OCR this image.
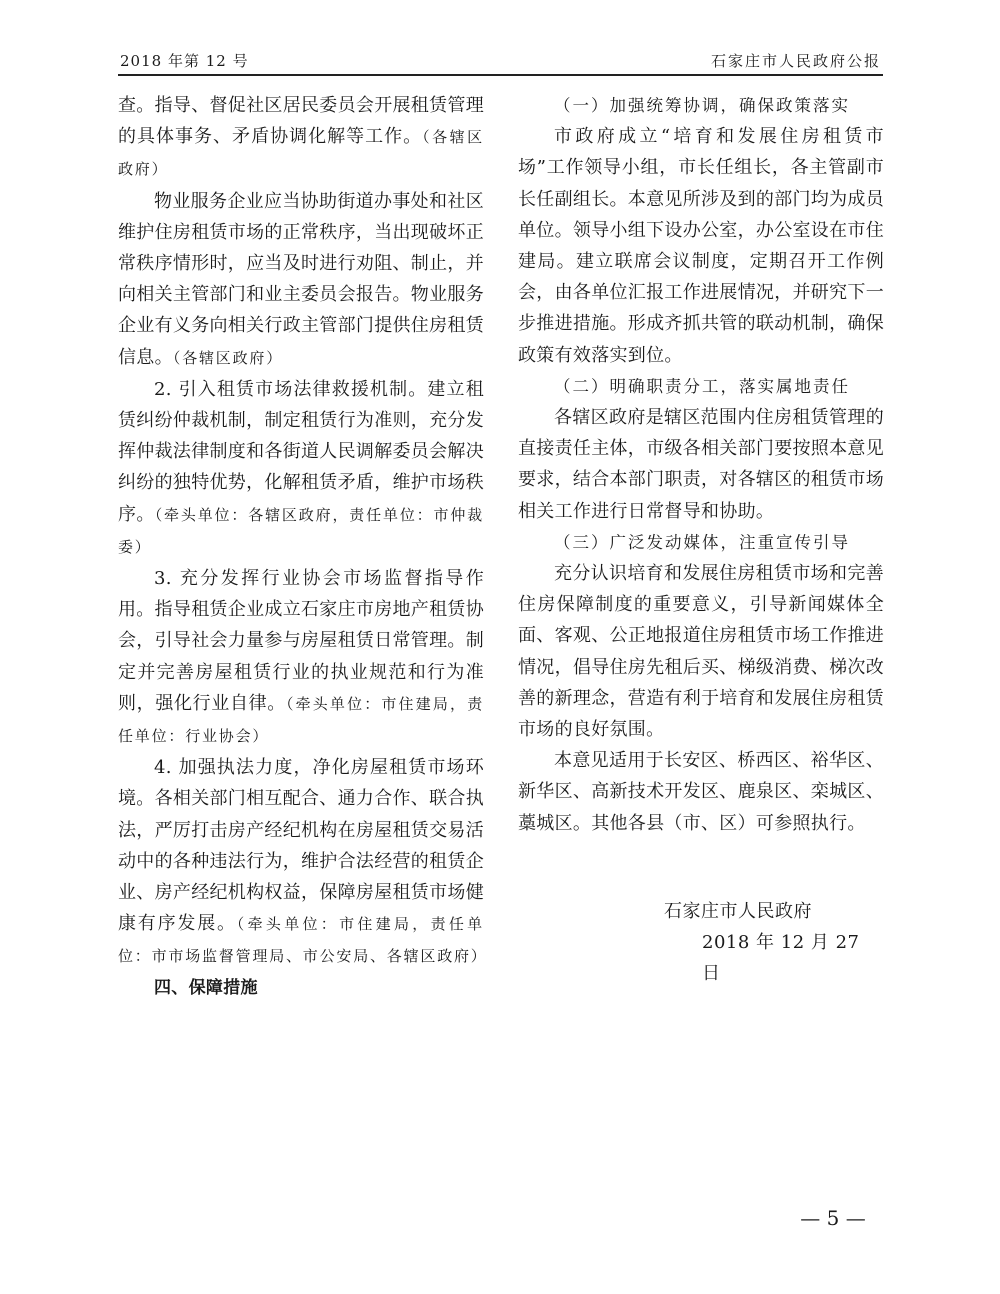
2018 年第 12 号	石家庄市人民政府公报

查。指导、督促社区居民委员会开展租赁管理的具体事务、矛盾协调化解等工作。（各辖区政府）

物业服务企业应当协助街道办事处和社区维护住房租赁市场的正常秩序，当出现破坏正常秩序情形时，应当及时进行劝阻、制止，并向相关主管部门和业主委员会报告。物业服务企业有义务向相关行政主管部门提供住房租赁信息。（各辖区政府）

2. 引入租赁市场法律救援机制。建立租赁纠纷仲裁机制，制定租赁行为准则，充分发挥仲裁法律制度和各街道人民调解委员会解决纠纷的独特优势，化解租赁矛盾，维护市场秩序。（牵头单位：各辖区政府，责任单位：市仲裁委）

3. 充分发挥行业协会市场监督指导作用。指导租赁企业成立石家庄市房地产租赁协会，引导社会力量参与房屋租赁日常管理。制定并完善房屋租赁行业的执业规范和行为准则，强化行业自律。（牵头单位：市住建局，责任单位：行业协会）

4. 加强执法力度，净化房屋租赁市场环境。各相关部门相互配合、通力合作、联合执法，严厉打击房产经纪机构在房屋租赁交易活动中的各种违法行为，维护合法经营的租赁企业、房产经纪机构权益，保障房屋租赁市场健康有序发展。（牵头单位：市住建局，责任单位：市市场监督管理局、市公安局、各辖区政府）

四、保障措施

（一）加强统筹协调，确保政策落实

市政府成立“培育和发展住房租赁市场”工作领导小组，市长任组长，各主管副市长任副组长。本意见所涉及到的部门均为成员单位。领导小组下设办公室，办公室设在市住建局。建立联席会议制度，定期召开工作例会，由各单位汇报工作进展情况，并研究下一步推进措施。形成齐抓共管的联动机制，确保政策有效落实到位。

（二）明确职责分工，落实属地责任

各辖区政府是辖区范围内住房租赁管理的直接责任主体，市级各相关部门要按照本意见要求，结合本部门职责，对各辖区的租赁市场相关工作进行日常督导和协助。

（三）广泛发动媒体，注重宣传引导

充分认识培育和发展住房租赁市场和完善住房保障制度的重要意义，引导新闻媒体全面、客观、公正地报道住房租赁市场工作推进情况，倡导住房先租后买、梯级消费、梯次改善的新理念，营造有利于培育和发展住房租赁市场的良好氛围。

本意见适用于长安区、桥西区、裕华区、新华区、高新技术开发区、鹿泉区、栾城区、藁城区。其他各县（市、区）可参照执行。

石家庄市人民政府
2018 年 12 月 27 日
— 5 —
